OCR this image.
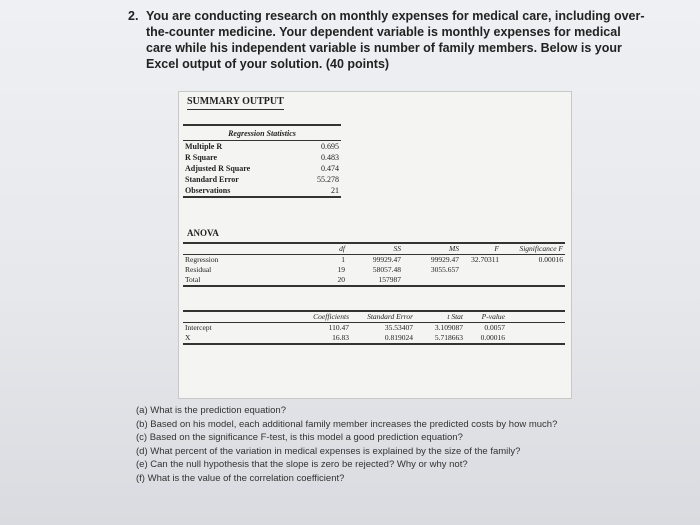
2. You are conducting research on monthly expenses for medical care, including over-the-counter medicine. Your dependent variable is monthly expenses for medical care while his independent variable is number of family members. Below is your Excel output of your solution. (40 points)
SUMMARY OUTPUT
Regression Statistics
Multiple R	0.695
R Square	0.483
Adjusted R Square	0.474
Standard Error	55.278
Observations	21
ANOVA
df	SS	MS	F	Significance F
Regression	1	99929.47	99929.47	32.70311	0.00016
Residual	19	58057.48	3055.657
Total	20	157987
Coefficients	Standard Error	t Stat	P-value
Intercept	110.47	35.53407	3.109087	0.0057
X	16.83	0.819024	5.718663	0.00016
(a) What is the prediction equation?
(b) Based on his model, each additional family member increases the predicted costs by how much?
(c) Based on the significance F-test, is this model a good prediction equation?
(d) What percent of the variation in medical expenses is explained by the size of the family?
(e) Can the null hypothesis that the slope is zero be rejected? Why or why not?
(f) What is the value of the correlation coefficient?
